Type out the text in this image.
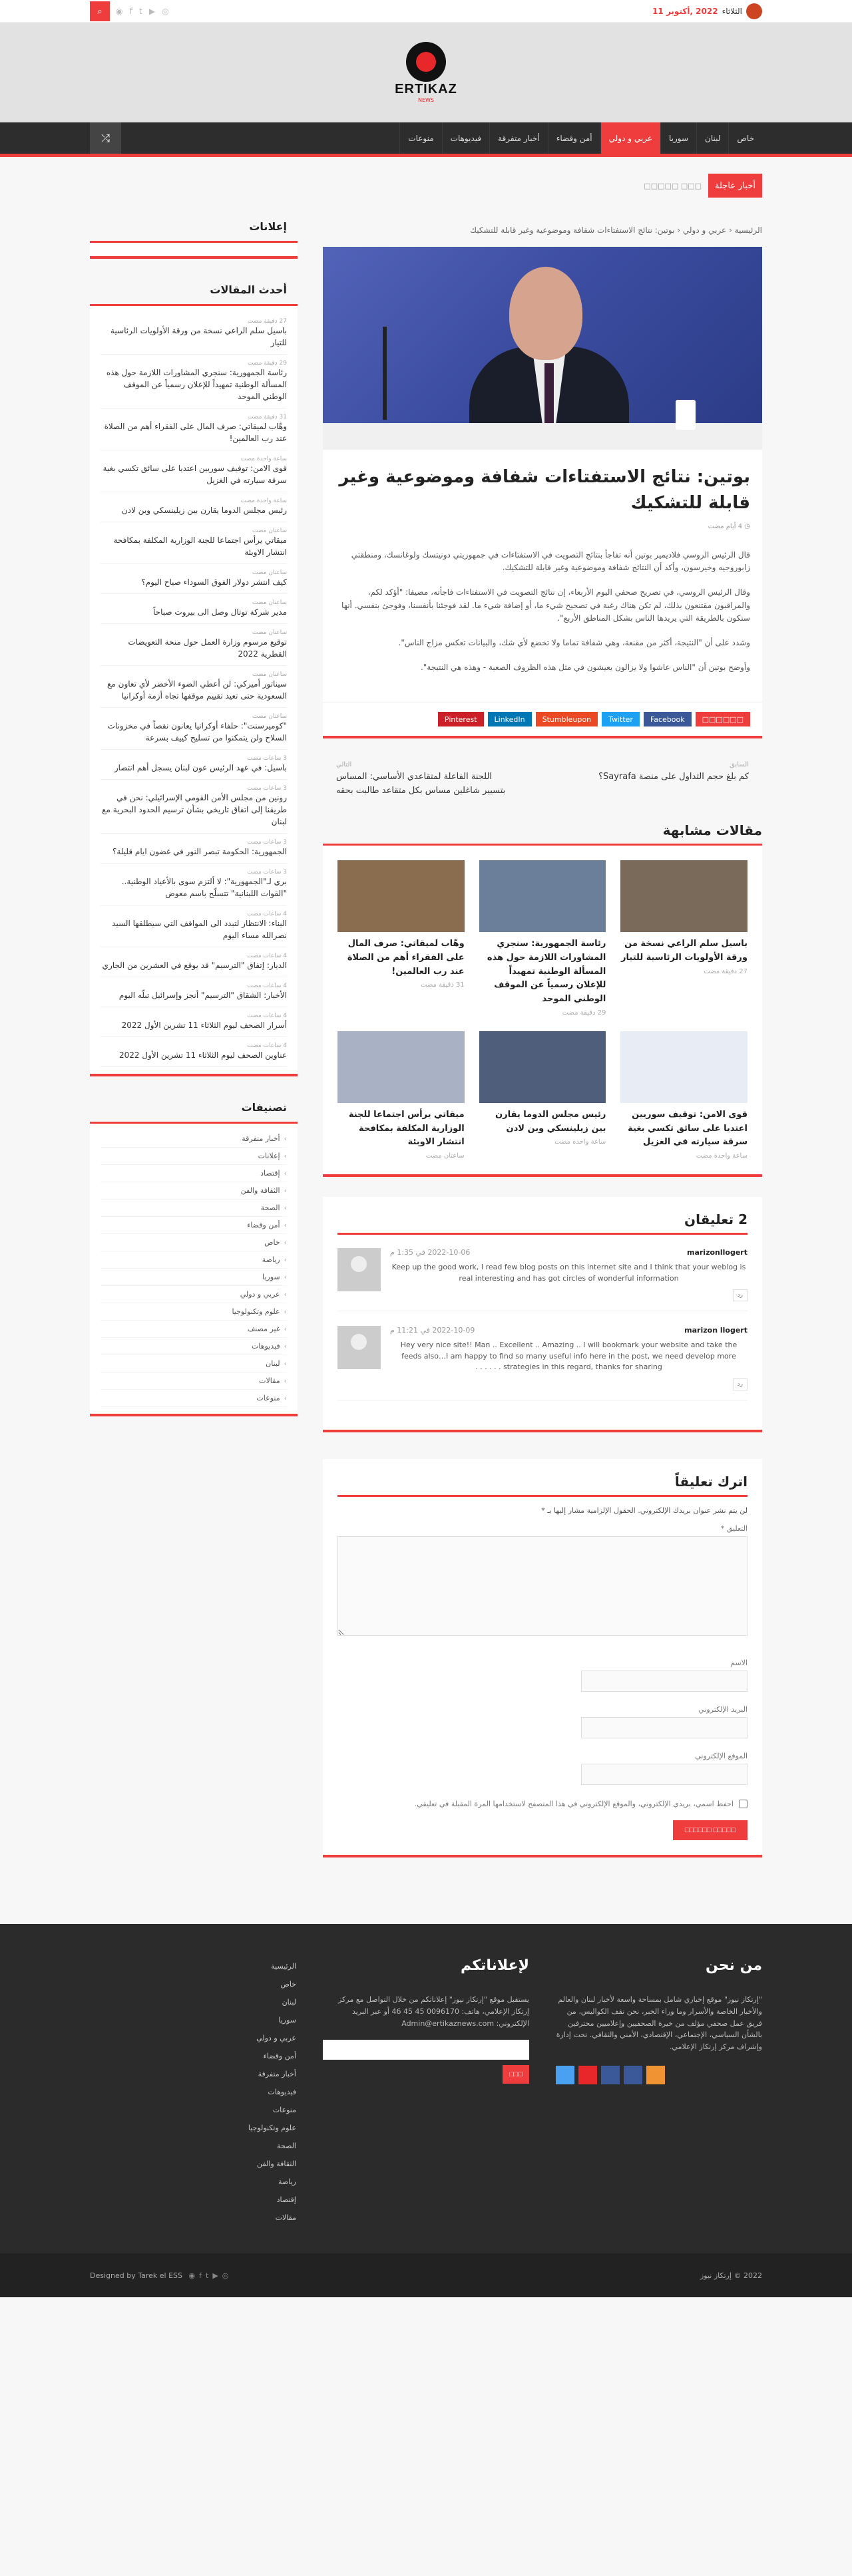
الثلاثاء
2022 ,أكتوبر 11
⌕	◉ f t ▶ ◎
ERTIKAZ
NEWS
خاص
لبنان
سوريا
عربي و دولي
أمن وقضاء
أخبار متفرقة
فيديوهات
منوعات
⤮
أخبار عاجلة
□□□ □□□□□
الرئيسية ‹ عربي و دولي ‹ بوتين: نتائج الاستفتاءات شفافة وموضوعية وغير قابلة للتشكيك
بوتين: نتائج الاستفتاءات شفافة وموضوعية وغير قابلة للتشكيك
◷ 4 أيام مضت

قال الرئيس الروسي فلاديمير بوتين أنه تفاجأ بنتائج التصويت في الاستفتاءات في جمهوريتي دونيتسك ولوغانسك، ومنطقتي زابوروجيه وخيرسون، وأكد أن النتائج شفافة وموضوعية وغير قابلة للتشكيك.

وقال الرئيس الروسي، في تصريح صحفي اليوم الأربعاء، إن نتائج التصويت في الاستفتاءات فاجأته، مضيفا: "أؤكد لكم، والمراقبون مقتنعون بذلك، لم تكن هناك رغبة في تصحيح شيء ما، أو إضافة شيء ما. لقد فوجئنا بأنفسنا، وفوجئ بنفسي. أنها ستكون بالطريقة التي يريدها الناس بشكل المناطق الأربع".

وشدد على أن "النتيجة، أكثر من مقنعة، وهي شفافة تماما ولا تخضع لأي شك، والبيانات تعكس مزاج الناس".

وأوضح بوتين أن "الناس عاشوا ولا يزالون يعيشون في مثل هذه الظروف الصعبة - وهذه هي النتيجة".

□□□□□□
Facebook
Twitter
Stumbleupon
LinkedIn
Pinterest
السابق
كم بلغ حجم التداول على منصة Sayrafa؟
التالي
اللجنة الفاعلة لمتقاعدي الأساسي: المساس بتسيير شاغلين مساس بكل متقاعد طالبت بحقه
مقالات مشابهة
باسيل سلم الراعي نسخة من ورقة الأولويات الرئاسية للتيار
27 دقيقة مضت
رئاسة الجمهورية: سنجري المشاورات اللازمة حول هذه المسألة الوطنية تمهيداً للإعلان رسمياً عن الموقف الوطني الموحد
29 دقيقة مضت
وهّاب لميقاتي: صرف المال على الفقراء أهم من الصلاة عند رب العالمين!
31 دقيقة مضت
قوى الامن: توقيف سوريين اعتديا على سائق تكسي بغية سرقة سيارته في الغزيل
ساعة واحدة مضت
رئيس مجلس الدوما يقارن بين زيلينسكي وبن لادن
ساعة واحدة مضت
ميقاتي يرأس اجتماعا للجنة الوزارية المكلفة بمكافحة انتشار الاوبئة
ساعتان مضت
2 تعليقان
marizonllogert
2022-10-06 في 1:35 م
Keep up the good work, I read few blog posts on this internet site and I think that your weblog is real interesting and has got circles of wonderful information
رد
marizon llogert
2022-10-09 في 11:21 م
Hey very nice site!! Man .. Excellent .. Amazing .. I will bookmark your website and take the feeds also…I am happy to find so many useful info here in the post, we need develop more strategies in this regard, thanks for sharing . . . . . .
رد
اترك تعليقاً
لن يتم نشر عنوان بريدك الإلكتروني. الحقول الإلزامية مشار إليها بـ *
التعليق *
الاسم
البريد الإلكتروني
الموقع الإلكتروني
احفظ اسمي، بريدي الإلكتروني، والموقع الإلكتروني في هذا المتصفح لاستخدامها المرة المقبلة في تعليقي.
□□□□□ □□□□□□
إعلانات
أحدث المقالات
27 دقيقة مضت
باسيل سلم الراعي نسخة من ورقة الأولويات الرئاسية للتيار
29 دقيقة مضت
رئاسة الجمهورية: سنجري المشاورات اللازمة حول هذه المسألة الوطنية تمهيداً للإعلان رسمياً عن الموقف الوطني الموحد
31 دقيقة مضت
وهّاب لميقاتي: صرف المال على الفقراء أهم من الصلاة عند رب العالمين!
ساعة واحدة مضت
قوى الامن: توقيف سوريين اعتديا على سائق تكسي بغية سرقة سيارته في الغزيل
ساعة واحدة مضت
رئيس مجلس الدوما يقارن بين زيلينسكي وبن لادن
ساعتان مضت
ميقاتي يرأس اجتماعا للجنة الوزارية المكلفة بمكافحة انتشار الاوبئة
ساعتان مضت
كيف انتشر دولار الفوق السوداء صباح اليوم؟
ساعتان مضت
مدير شركة توتال وصل الى بيروت صباحاً
ساعتان مضت
توقيع مرسوم وزارة العمل حول منحة التعويضات القطرية 2022
ساعتان مضت
سيناتور أميركي: لن أعطي الضوء الأخضر لأي تعاون مع السعودية حتى تعيد تقييم موقفها تجاه أزمة أوكرانيا
ساعتان مضت
"كوميرسنت": حلفاء أوكرانيا يعانون نقصاً في مخزونات السلاح ولن يتمكنوا من تسليح كييف بسرعة
3 ساعات مضت
باسيل: في عهد الرئيس عون لبنان يسجل أهم انتصار
3 ساعات مضت
رونين من مجلس الأمن القومي الإسرائيلي: نحن في طريقنا إلى اتفاق تاريخي بشأن ترسيم الحدود البحرية مع لبنان
3 ساعات مضت
الجمهورية: الحكومة تبصر النور في غضون ايام قليلة؟
3 ساعات مضت
بري لـ"الجمهورية": لا ألتزم سوى بالأعياد الوطنية.. "القوات اللبنانية" تتسلّح باسم معوض
4 ساعات مضت
البناء: الانتظار لتبدد الى المواقف التي سيطلقها السيد نصرالله مساء اليوم
4 ساعات مضت
الديار: إتفاق "الترسيم" قد يوقع في العشرين من الجاري
4 ساعات مضت
الأخبار: الشقاق "الترسيم" أنجز وإسرائيل تبلّه اليوم
4 ساعات مضت
أسرار الصحف ليوم الثلاثاء 11 تشرين الأول 2022
4 ساعات مضت
عناوين الصحف ليوم الثلاثاء 11 تشرين الأول 2022
تصنيفات
› أخبار متفرقة
› إعلانات
› إقتصاد
› الثقافة والفن
› الصحة
› أمن وقضاء
› خاص
› رياضة
› سوريا
› عربي و دولي
› علوم وتكنولوجيا
› غير مصنف
› فيديوهات
› لبنان
› مقالات
› منوعات
من نحن

"إرتكاز نيوز" موقع إخباري شامل بمساحة واسعة لأخبار لبنان والعالم والأخبار الخاصة والأسرار وما وراء الخبر، نحن نقف الكواليس، من فريق عمل صحفي مؤلف من خيرة الصحفيين وإعلاميين محترفين بالشأن السياسي، الإجتماعي، الإقتصادي، الأمني والثقافي. تحت إدارة وإشراف مركز إرتكاز الإعلامي.

لإعلاناتكم

يستقبل موقع "إرتكاز نيوز" إعلاناتكم من خلال التواصل مع مركز إرتكاز الإعلامي، هاتف: 0096170 45 45 46 أو عبر البريد الإلكتروني: Admin@ertikaznews.com

□□□
الرئيسية
خاص
لبنان
سوريا
عربي و دولي
أمن وقضاء
أخبار متفرقة
فيديوهات
منوعات
علوم وتكنولوجيا
الصحة
الثقافة والفن
رياضة
إقتصاد
مقالات
2022 © إرتكاز نيوز
Designed by Tarek el ESS ◉ f t ▶ ◎
